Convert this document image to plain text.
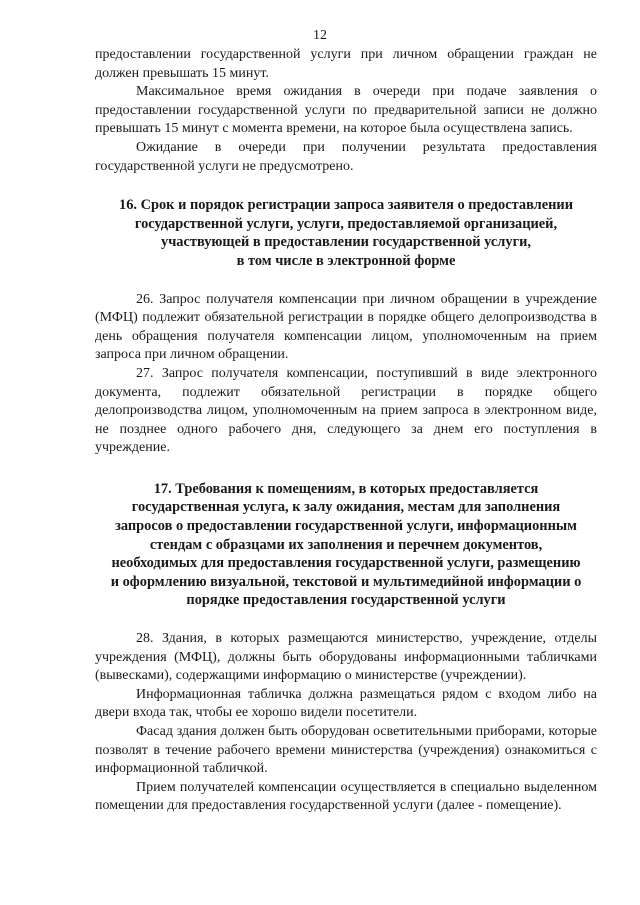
12

предоставлении государственной услуги при личном обращении граждан не должен превышать 15 минут.

Максимальное время ожидания в очереди при подаче заявления о предоставлении государственной услуги по предварительной записи не должно превышать 15 минут с момента времени, на которое была осуществлена запись.

Ожидание в очереди при получении результата предоставления государственной услуги не предусмотрено.

16. Срок и порядок регистрации запроса заявителя о предоставлении
государственной услуги, услуги, предоставляемой организацией,
участвующей в предоставлении государственной услуги,
в том числе в электронной форме

26. Запрос получателя компенсации при личном обращении в учреждение (МФЦ) подлежит обязательной регистрации в порядке общего делопроизводства в день обращения получателя компенсации лицом, уполномоченным на прием запроса при личном обращении.

27. Запрос получателя компенсации, поступивший в виде электронного документа, подлежит обязательной регистрации в порядке общего делопроизводства лицом, уполномоченным на прием запроса в электронном виде, не позднее одного рабочего дня, следующего за днем его поступления в учреждение.

17. Требования к помещениям, в которых предоставляется
государственная услуга, к залу ожидания, местам для заполнения
запросов о предоставлении государственной услуги, информационным
стендам с образцами их заполнения и перечнем документов,
необходимых для предоставления государственной услуги, размещению
и оформлению визуальной, текстовой и мультимедийной информации о
порядке предоставления государственной услуги

28. Здания, в которых размещаются министерство, учреждение, отделы учреждения (МФЦ), должны быть оборудованы информационными табличками (вывесками), содержащими информацию о министерстве (учреждении).

Информационная табличка должна размещаться рядом с входом либо на двери входа так, чтобы ее хорошо видели посетители.

Фасад здания должен быть оборудован осветительными приборами, которые позволят в течение рабочего времени министерства (учреждения) ознакомиться с информационной табличкой.

Прием получателей компенсации осуществляется в специально выделенном помещении для предоставления государственной услуги (далее - помещение).
